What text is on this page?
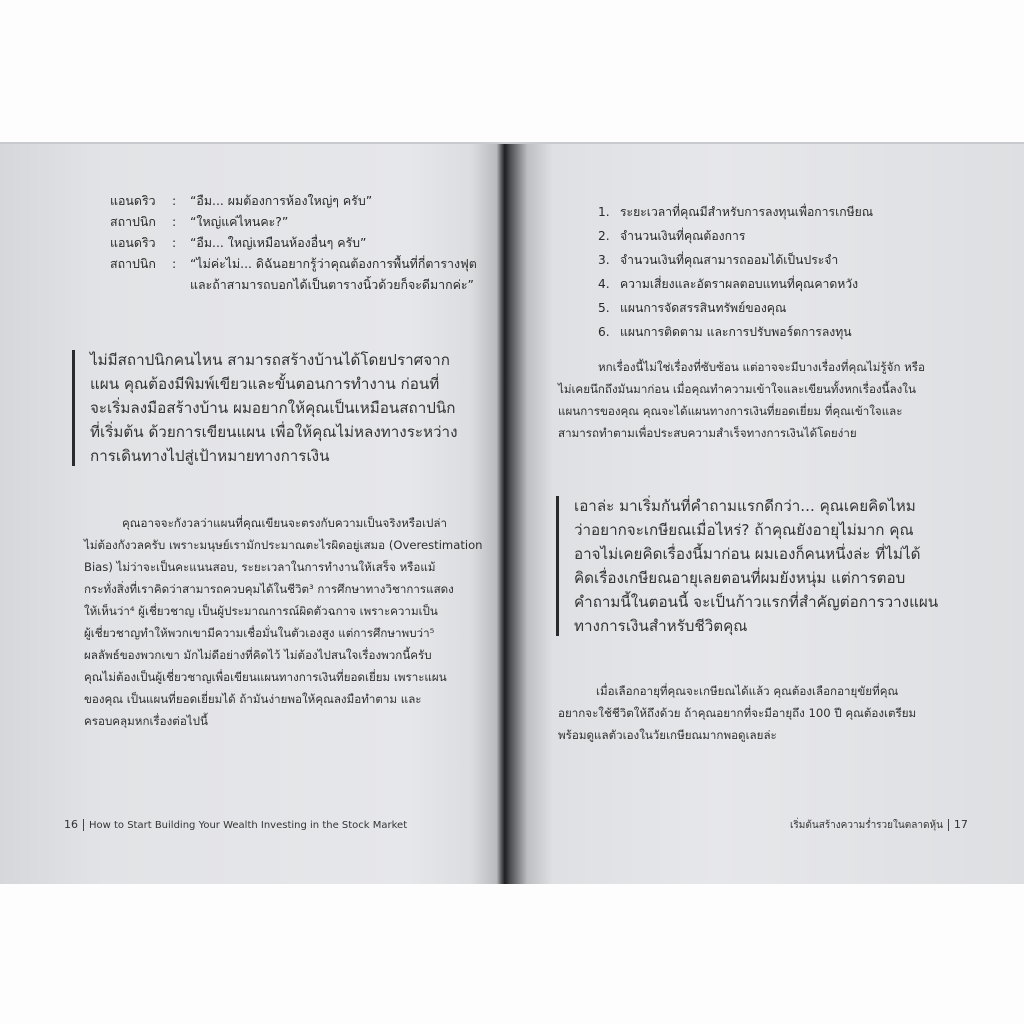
แอนดริว	:	“อืม... ผมต้องการห้องใหญ่ๆ ครับ”
สถาปนิก	:	“ใหญ่แค่ไหนคะ?”
แอนดริว	:	“อืม... ใหญ่เหมือนห้องอื่นๆ ครับ”
สถาปนิก	:	“ไม่ค่ะไม่... ดิฉันอยากรู้ว่าคุณต้องการพื้นที่กี่ตารางฟุต
และถ้าสามารถบอกได้เป็นตารางนิ้วด้วยก็จะดีมากค่ะ”
ไม่มีสถาปนิกคนไหน สามารถสร้างบ้านได้โดยปราศจาก
แผน คุณต้องมีพิมพ์เขียวและขั้นตอนการทำงาน ก่อนที่
จะเริ่มลงมือสร้างบ้าน ผมอยากให้คุณเป็นเหมือนสถาปนิก
ที่เริ่มต้น ด้วยการเขียนแผน เพื่อให้คุณไม่หลงทางระหว่าง
การเดินทางไปสู่เป้าหมายทางการเงิน
คุณอาจจะกังวลว่าแผนที่คุณเขียนจะตรงกับความเป็นจริงหรือเปล่า
ไม่ต้องกังวลครับ เพราะมนุษย์เรามักประมาณตะไรผิดอยู่เสมอ (Overestimation
Bias) ไม่ว่าจะเป็นคะแนนสอบ, ระยะเวลาในการทำงานให้เสร็จ หรือแม้
กระทั่งสิ่งที่เราคิดว่าสามารถควบคุมได้ในชีวิต³ การศึกษาทางวิชาการแสดง
ให้เห็นว่า⁴ ผู้เชี่ยวชาญ เป็นผู้ประมาณการณ์ผิดตัวฉกาจ เพราะความเป็น
ผู้เชี่ยวชาญทำให้พวกเขามีความเชื่อมั่นในตัวเองสูง แต่การศึกษาพบว่า⁵
ผลลัพธ์ของพวกเขา มักไม่ดีอย่างที่คิดไว้ ไม่ต้องไปสนใจเรื่องพวกนี้ครับ
คุณไม่ต้องเป็นผู้เชี่ยวชาญเพื่อเขียนแผนทางการเงินที่ยอดเยี่ยม เพราะแผน
ของคุณ เป็นแผนที่ยอดเยี่ยมได้ ถ้ามันง่ายพอให้คุณลงมือทำตาม และ
ครอบคลุมหกเรื่องต่อไปนี้
16 How to Start Building Your Wealth Investing in the Stock Market
1. ระยะเวลาที่คุณมีสำหรับการลงทุนเพื่อการเกษียณ
2. จำนวนเงินที่คุณต้องการ
3. จำนวนเงินที่คุณสามารถออมได้เป็นประจำ
4. ความเสี่ยงและอัตราผลตอบแทนที่คุณคาดหวัง
5. แผนการจัดสรรสินทรัพย์ของคุณ
6. แผนการติดตาม และการปรับพอร์ตการลงทุน
หกเรื่องนี้ไม่ใช่เรื่องที่ซับซ้อน แต่อาจจะมีบางเรื่องที่คุณไม่รู้จัก หรือ
ไม่เคยนึกถึงมันมาก่อน เมื่อคุณทำความเข้าใจและเขียนทั้งหกเรื่องนี้ลงใน
แผนการของคุณ คุณจะได้แผนทางการเงินที่ยอดเยี่ยม ที่คุณเข้าใจและ
สามารถทำตามเพื่อประสบความสำเร็จทางการเงินได้โดยง่าย
เอาล่ะ มาเริ่มกันที่คำถามแรกดีกว่า... คุณเคยคิดไหม
ว่าอยากจะเกษียณเมื่อไหร่? ถ้าคุณยังอายุไม่มาก คุณ
อาจไม่เคยคิดเรื่องนี้มาก่อน ผมเองก็คนหนึ่งล่ะ ที่ไม่ได้
คิดเรื่องเกษียณอายุเลยตอนที่ผมยังหนุ่ม แต่การตอบ
คำถามนี้ในตอนนี้ จะเป็นก้าวแรกที่สำคัญต่อการวางแผน
ทางการเงินสำหรับชีวิตคุณ
เมื่อเลือกอายุที่คุณจะเกษียณได้แล้ว คุณต้องเลือกอายุขัยที่คุณ
อยากจะใช้ชีวิตให้ถึงด้วย ถ้าคุณอยากที่จะมีอายุถึง 100 ปี คุณต้องเตรียม
พร้อมดูแลตัวเองในวัยเกษียณมากพอดูเลยล่ะ
เริ่มต้นสร้างความร่ำรวยในตลาดหุ้น 17
